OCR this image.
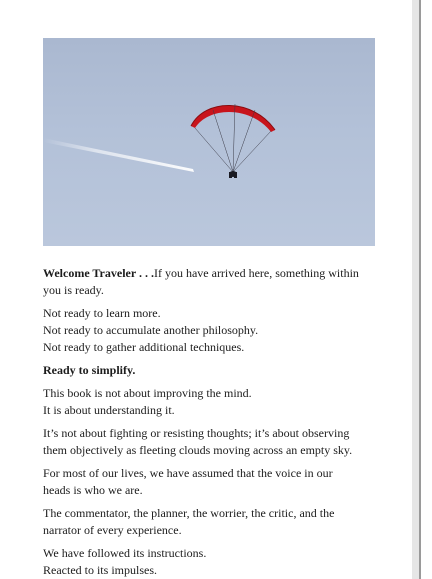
Welcome Traveler . . .If you have arrived here, something within
you is ready.

Not ready to learn more.
Not ready to accumulate another philosophy.
Not ready to gather additional techniques.

Ready to simplify.

This book is not about improving the mind.
It is about understanding it.

It’s not about fighting or resisting thoughts; it’s about observing
them objectively as fleeting clouds moving across an empty sky.

For most of our lives, we have assumed that the voice in our
heads is who we are.

The commentator, the planner, the worrier, the critic, and the
narrator of every experience.

We have followed its instructions.
Reacted to its impulses.
